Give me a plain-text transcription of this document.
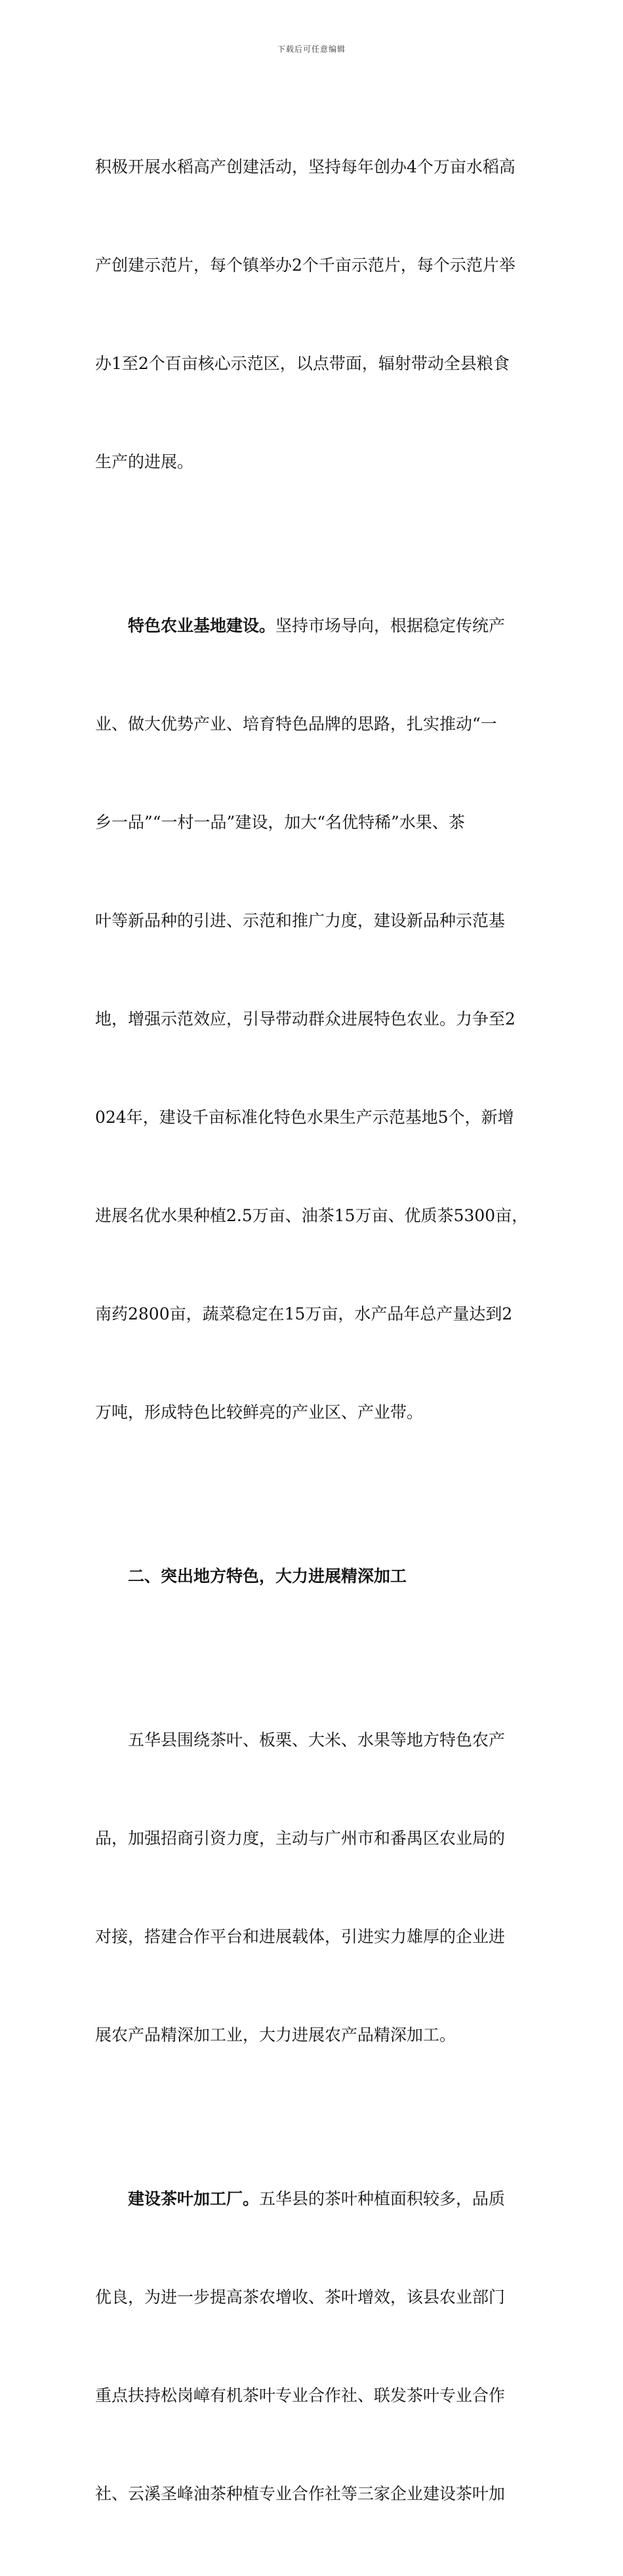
下载后可任意编辑

积极开展水稻高产创建活动，坚持每年创办4个万亩水稻高

产创建示范片，每个镇举办2个千亩示范片，每个示范片举

办1至2个百亩核心示范区，以点带面，辐射带动全县粮食

生产的进展。

特色农业基地建设。坚持市场导向，根据稳定传统产

业、做大优势产业、培育特色品牌的思路，扎实推动“一

乡一品”“一村一品”建设，加大“名优特稀”水果、茶

叶等新品种的引进、示范和推广力度，建设新品种示范基

地，增强示范效应，引导带动群众进展特色农业。力争至2

024年，建设千亩标准化特色水果生产示范基地5个，新增

进展名优水果种植2.5万亩、油茶15万亩、优质茶5300亩，

南药2800亩，蔬菜稳定在15万亩，水产品年总产量达到2

万吨，形成特色比较鲜亮的产业区、产业带。

二、突出地方特色，大力进展精深加工

五华县围绕茶叶、板栗、大米、水果等地方特色农产

品，加强招商引资力度，主动与广州市和番禺区农业局的

对接，搭建合作平台和进展载体，引进实力雄厚的企业进

展农产品精深加工业，大力进展农产品精深加工。

建设茶叶加工厂。五华县的茶叶种植面积较多，品质

优良，为进一步提高茶农增收、茶叶增效，该县农业部门

重点扶持松岗嶂有机茶叶专业合作社、联发茶叶专业合作

社、云溪圣峰油茶种植专业合作社等三家企业建设茶叶加
